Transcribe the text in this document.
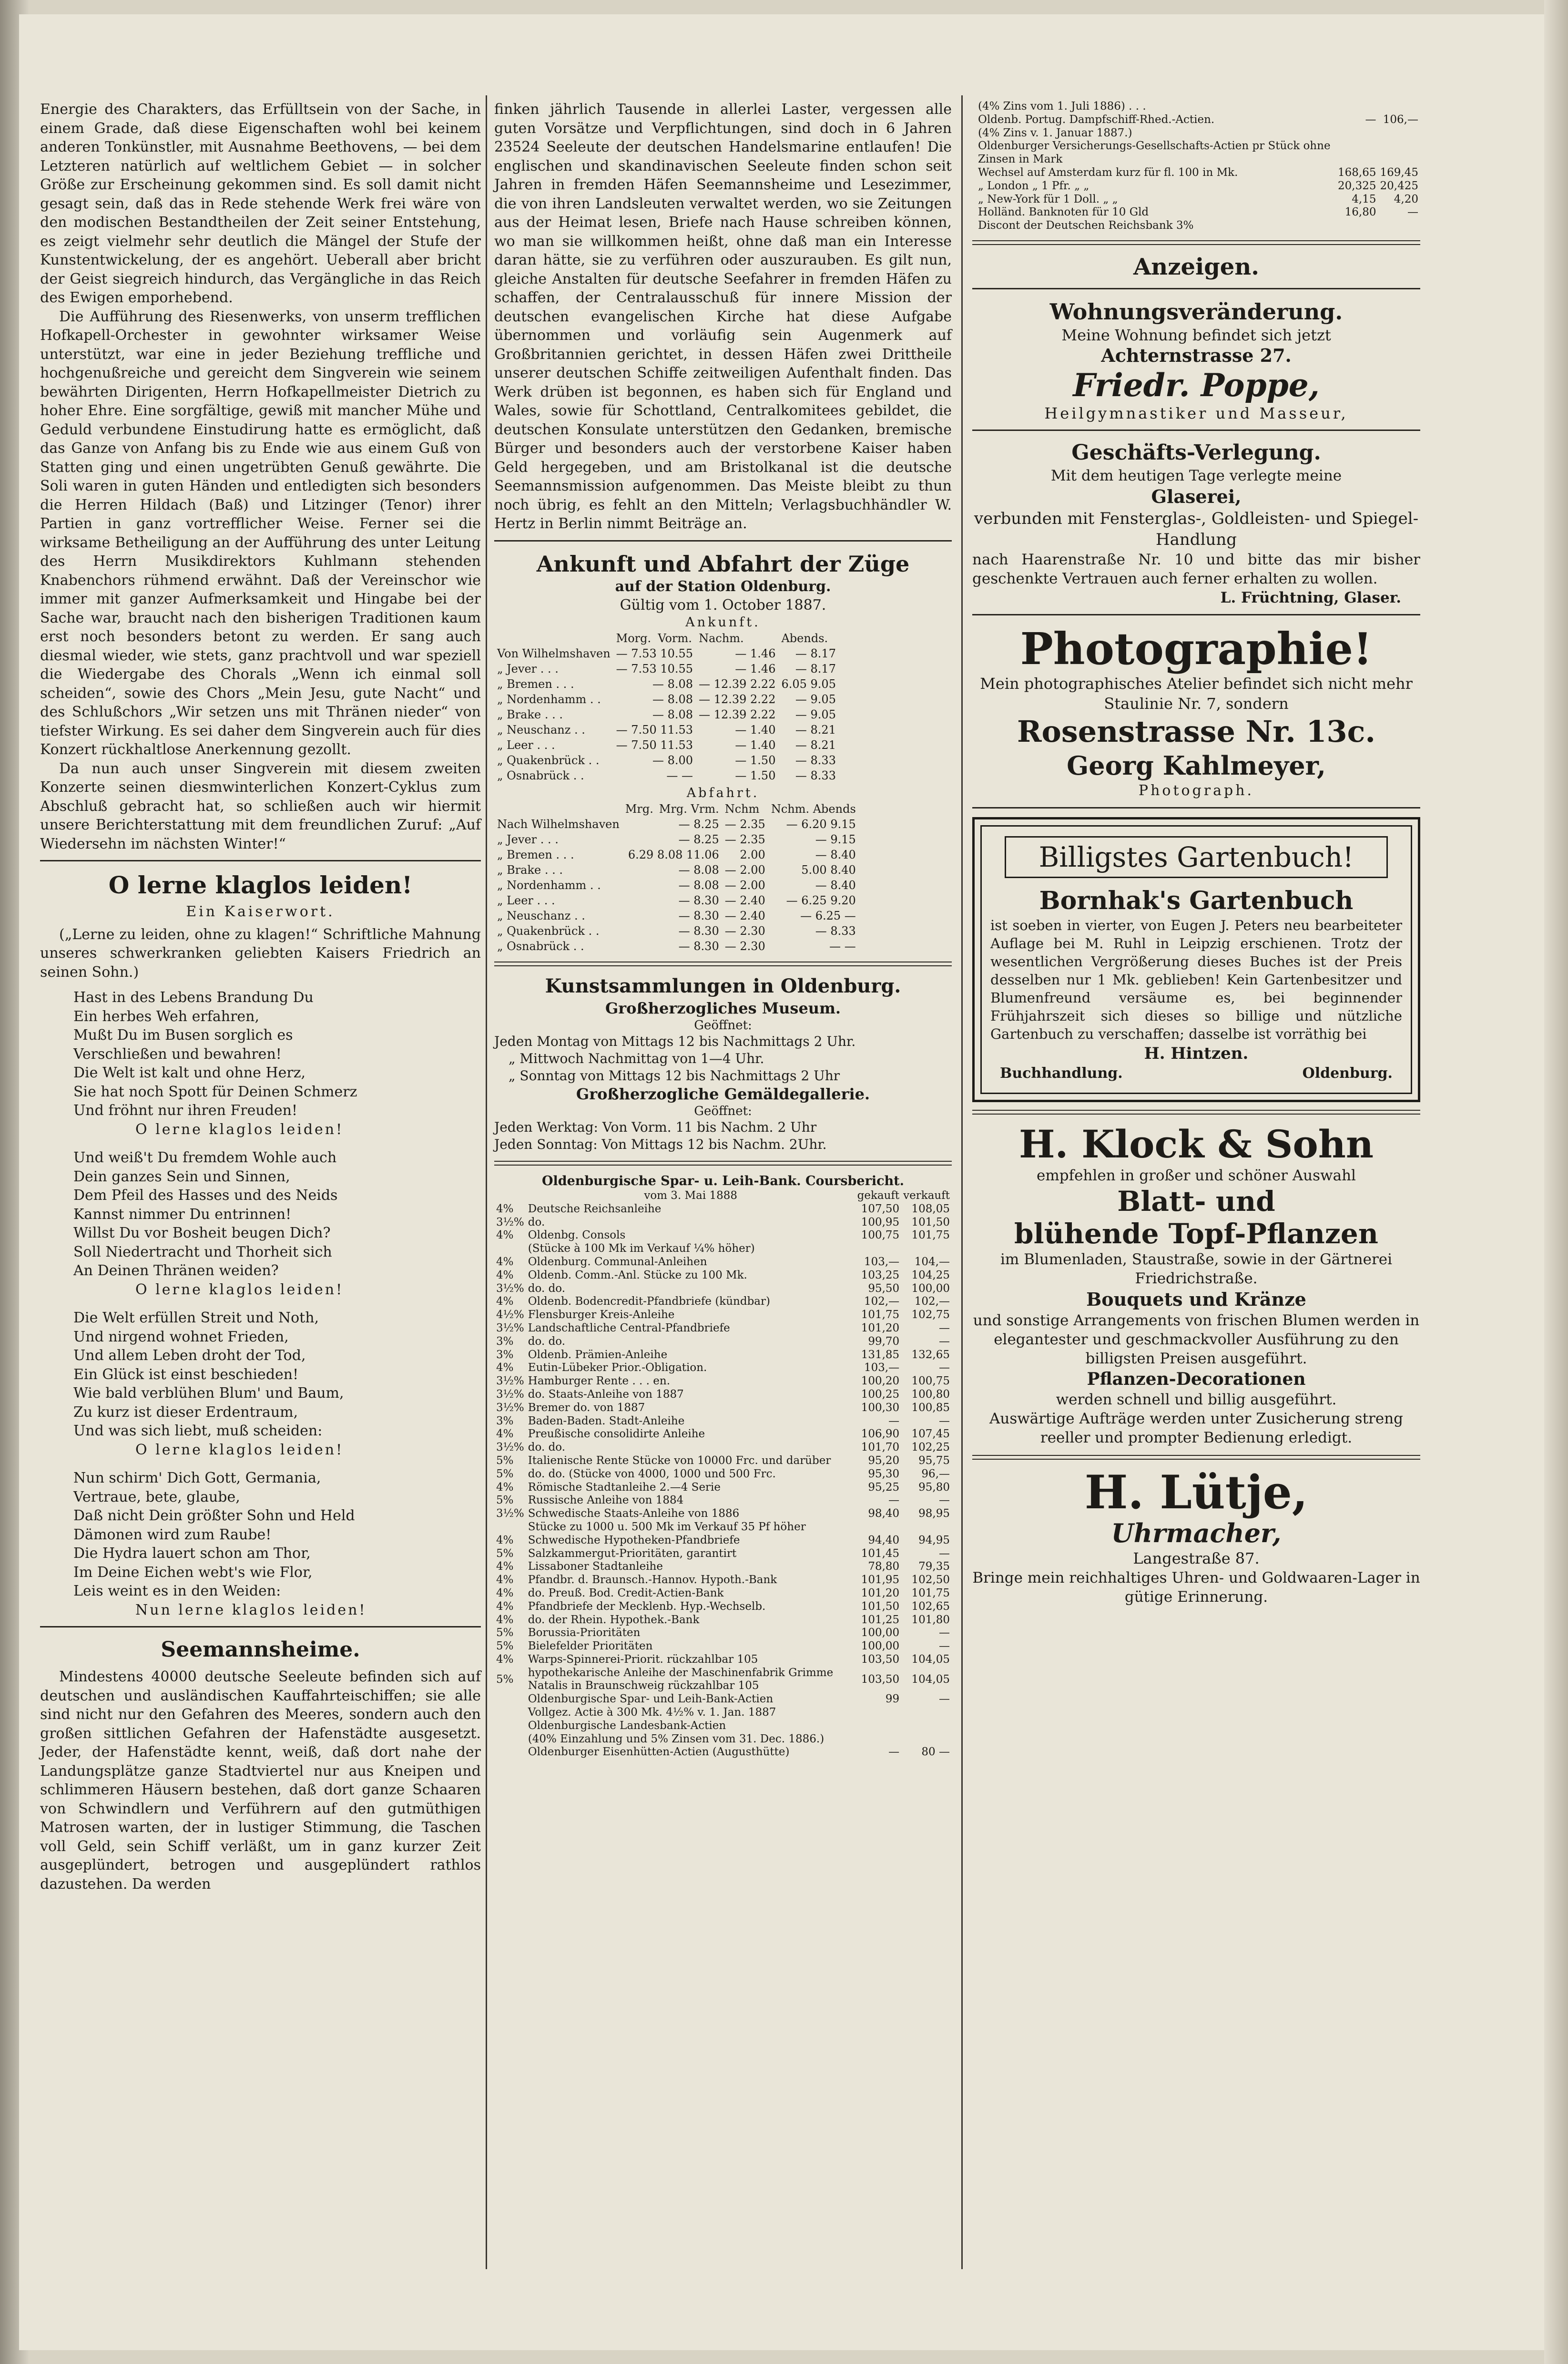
Energie des Charakters, das Erfülltsein von der Sache, in einem Grade, daß diese Eigenschaften wohl bei keinem anderen Tonkünstler, mit Ausnahme Beethovens, — bei dem Letzteren natürlich auf weltlichem Gebiet — in solcher Größe zur Erscheinung gekommen sind. Es soll damit nicht gesagt sein, daß das in Rede stehende Werk frei wäre von den modischen Bestandtheilen der Zeit seiner Entstehung, es zeigt vielmehr sehr deutlich die Mängel der Stufe der Kunstentwickelung, der es angehört. Ueberall aber bricht der Geist siegreich hindurch, das Vergängliche in das Reich des Ewigen emporhebend.

Die Aufführung des Riesenwerks, von unserm trefflichen Hofkapell-Orchester in gewohnter wirksamer Weise unterstützt, war eine in jeder Beziehung treffliche und hochgenußreiche und gereicht dem Singverein wie seinem bewährten Dirigenten, Herrn Hofkapellmeister Dietrich zu hoher Ehre. Eine sorgfältige, gewiß mit mancher Mühe und Geduld verbundene Einstudirung hatte es ermöglicht, daß das Ganze von Anfang bis zu Ende wie aus einem Guß von Statten ging und einen ungetrübten Genuß gewährte. Die Soli waren in guten Händen und entledigten sich besonders die Herren Hildach (Baß) und Litzinger (Tenor) ihrer Partien in ganz vortrefflicher Weise. Ferner sei die wirksame Betheiligung an der Aufführung des unter Leitung des Herrn Musikdirektors Kuhlmann stehenden Knabenchors rühmend erwähnt. Daß der Vereinschor wie immer mit ganzer Aufmerksamkeit und Hingabe bei der Sache war, braucht nach den bisherigen Traditionen kaum erst noch besonders betont zu werden. Er sang auch diesmal wieder, wie stets, ganz prachtvoll und war speziell die Wiedergabe des Chorals „Wenn ich einmal soll scheiden“, sowie des Chors „Mein Jesu, gute Nacht“ und des Schlußchors „Wir setzen uns mit Thränen nieder“ von tiefster Wirkung. Es sei daher dem Singverein auch für dies Konzert rückhaltlose Anerkennung gezollt.

Da nun auch unser Singverein mit diesem zweiten Konzerte seinen diesmwinterlichen Konzert-Cyklus zum Abschluß gebracht hat, so schließen auch wir hiermit unsere Berichterstattung mit dem freundlichen Zuruf: „Auf Wiedersehn im nächsten Winter!“

O lerne klaglos leiden!

Ein Kaiserwort.

(„Lerne zu leiden, ohne zu klagen!“ Schriftliche Mahnung unseres schwerkranken geliebten Kaisers Friedrich an seinen Sohn.)

Hast in des Lebens Brandung Du

Ein herbes Weh erfahren,

Mußt Du im Busen sorglich es

Verschließen und bewahren!

Die Welt ist kalt und ohne Herz,

Sie hat noch Spott für Deinen Schmerz

Und fröhnt nur ihren Freuden!

O lerne klaglos leiden!

Und weiß't Du fremdem Wohle auch

Dein ganzes Sein und Sinnen,

Dem Pfeil des Hasses und des Neids

Kannst nimmer Du entrinnen!

Willst Du vor Bosheit beugen Dich?

Soll Niedertracht und Thorheit sich

An Deinen Thränen weiden?

O lerne klaglos leiden!

Die Welt erfüllen Streit und Noth,

Und nirgend wohnet Frieden,

Und allem Leben droht der Tod,

Ein Glück ist einst beschieden!

Wie bald verblühen Blum' und Baum,

Zu kurz ist dieser Erdentraum,

Und was sich liebt, muß scheiden:

O lerne klaglos leiden!

Nun schirm' Dich Gott, Germania,

Vertraue, bete, glaube,

Daß nicht Dein größter Sohn und Held

Dämonen wird zum Raube!

Die Hydra lauert schon am Thor,

Im Deine Eichen webt's wie Flor,

Leis weint es in den Weiden:

Nun lerne klaglos leiden!

Seemannsheime.

Mindestens 40000 deutsche Seeleute befinden sich auf deutschen und ausländischen Kauffahrteischiffen; sie alle sind nicht nur den Gefahren des Meeres, sondern auch den großen sittlichen Gefahren der Hafenstädte ausgesetzt. Jeder, der Hafenstädte kennt, weiß, daß dort nahe der Landungsplätze ganze Stadtviertel nur aus Kneipen und schlimmeren Häusern bestehen, daß dort ganze Schaaren von Schwindlern und Verführern auf den gutmüthigen Matrosen warten, der in lustiger Stimmung, die Taschen voll Geld, sein Schiff verläßt, um in ganz kurzer Zeit ausgeplündert, betrogen und ausgeplündert rathlos dazustehen. Da werden

finken jährlich Tausende in allerlei Laster, vergessen alle guten Vorsätze und Verpflichtungen, sind doch in 6 Jahren 23524 Seeleute der deutschen Handelsmarine entlaufen! Die englischen und skandinavischen Seeleute finden schon seit Jahren in fremden Häfen Seemannsheime und Lesezimmer, die von ihren Landsleuten verwaltet werden, wo sie Zeitungen aus der Heimat lesen, Briefe nach Hause schreiben können, wo man sie willkommen heißt, ohne daß man ein Interesse daran hätte, sie zu verführen oder auszurauben. Es gilt nun, gleiche Anstalten für deutsche Seefahrer in fremden Häfen zu schaffen, der Centralausschuß für innere Mission der deutschen evangelischen Kirche hat diese Aufgabe übernommen und vorläufig sein Augenmerk auf Großbritannien gerichtet, in dessen Häfen zwei Drittheile unserer deutschen Schiffe zeitweiligen Aufenthalt finden. Das Werk drüben ist begonnen, es haben sich für England und Wales, sowie für Schottland, Centralkomitees gebildet, die deutschen Konsulate unterstützen den Gedanken, bremische Bürger und besonders auch der verstorbene Kaiser haben Geld hergegeben, und am Bristolkanal ist die deutsche Seemannsmission aufgenommen. Das Meiste bleibt zu thun noch übrig, es fehlt an den Mitteln; Verlagsbuchhändler W. Hertz in Berlin nimmt Beiträge an.

Ankunft und Abfahrt der Züge

auf der Station Oldenburg.

Gültig vom 1. October 1887.

Ankunft.

	Morg.	Vorm.	Nachm.	Abends.
Von Wilhelmshaven	— 7.53 10.55		— 1.46	— 8.17
„ Jever . . .	— 7.53 10.55		— 1.46	— 8.17
„ Bremen . . .	— 8.08		— 12.39 2.22	6.05 9.05
„ Nordenhamm . .	— 8.08		— 12.39 2.22	— 9.05
„ Brake . . .	— 8.08		— 12.39 2.22	— 9.05
„ Neuschanz . .	— 7.50 11.53		— 1.40	— 8.21
„ Leer . . .	— 7.50 11.53		— 1.40	— 8.21
„ Quakenbrück . .	— 8.00		— 1.50	— 8.33
„ Osnabrück . .	— —		— 1.50	— 8.33

Abfahrt.

	Mrg.	Mrg. Vrm.	Nchm	Nchm. Abends
Nach Wilhelmshaven	— 8.25		— 2.35	— 6.20 9.15
„ Jever . . .	— 8.25		— 2.35	— 9.15
„ Bremen . . .	6.29 8.08 11.06		2.00	— 8.40
„ Brake . . .	— 8.08		— 2.00	5.00 8.40
„ Nordenhamm . .	— 8.08		— 2.00	— 8.40
„ Leer . . .	— 8.30		— 2.40	— 6.25 9.20
„ Neuschanz . .	— 8.30		— 2.40	— 6.25 —
„ Quakenbrück . .	— 8.30		— 2.30	— 8.33
„ Osnabrück . .	— 8.30		— 2.30	— —

Kunstsammlungen in Oldenburg.

Großherzogliches Museum.

Geöffnet:

Jeden Montag von Mittags 12 bis Nachmittags 2 Uhr.

„ Mittwoch Nachmittag von 1—4 Uhr.

„ Sonntag von Mittags 12 bis Nachmittags 2 Uhr

Großherzogliche Gemäldegallerie.

Geöffnet:

Jeden Werktag: Von Vorm. 11 bis Nachm. 2 Uhr

Jeden Sonntag: Von Mittags 12 bis Nachm. 2Uhr.

Oldenburgische Spar- u. Leih-Bank. Coursbericht.

	vom 3. Mai 1888	gekauft	verkauft
4%	Deutsche Reichsanleihe	107,50	108,05
3½%	do.	100,95	101,50
4%	Oldenbg. Consols	100,75	101,75
	(Stücke à 100 Mk im Verkauf ¼% höher)		
4%	Oldenburg. Communal-Anleihen	103,—	104,—
4%	Oldenb. Comm.-Anl. Stücke zu 100 Mk.	103,25	104,25
3½%	do. do.	95,50	100,00
4%	Oldenb. Bodencredit-Pfandbriefe (kündbar)	102,—	102,—
4½%	Flensburger Kreis-Anleihe	101,75	102,75
3½%	Landschaftliche Central-Pfandbriefe	101,20	—
3%	do. do.	99,70	—
3%	Oldenb. Prämien-Anleihe	131,85	132,65
4%	Eutin-Lübeker Prior.-Obligation.	103,—	—
3½%	Hamburger Rente . . . en.	100,20	100,75
3½%	do. Staats-Anleihe von 1887	100,25	100,80
3½%	Bremer do. von 1887	100,30	100,85
3%	Baden-Baden. Stadt-Anleihe	—	—
4%	Preußische consolidirte Anleihe	106,90	107,45
3½%	do. do.	101,70	102,25
5%	Italienische Rente Stücke von 10000 Frc. und darüber	95,20	95,75
5%	do. do. (Stücke von 4000, 1000 und 500 Frc.	95,30	96,—
4%	Römische Stadtanleihe 2.—4 Serie	95,25	95,80
5%	Russische Anleihe von 1884	—	—
3½%	Schwedische Staats-Anleihe von 1886	98,40	98,95
	Stücke zu 1000 u. 500 Mk im Verkauf 35 Pf höher		
4%	Schwedische Hypotheken-Pfandbriefe	94,40	94,95
5%	Salzkammergut-Prioritäten, garantirt	101,45	—
4%	Lissaboner Stadtanleihe	78,80	79,35
4%	Pfandbr. d. Braunsch.-Hannov. Hypoth.-Bank	101,95	102,50
4%	do. Preuß. Bod. Credit-Actien-Bank	101,20	101,75
4%	Pfandbriefe der Mecklenb. Hyp.-Wechselb.	101,50	102,65
4%	do. der Rhein. Hypothek.-Bank	101,25	101,80
5%	Borussia-Prioritäten	100,00	—
5%	Bielefelder Prioritäten	100,00	—
4%	Warps-Spinnerei-Priorit. rückzahlbar 105	103,50	104,05
5%	hypothekarische Anleihe der Maschinenfabrik Grimme Natalis in Braunschweig rückzahlbar 105	103,50	104,05
	Oldenburgische Spar- und Leih-Bank-Actien	99	—
	Vollgez. Actie à 300 Mk. 4½% v. 1. Jan. 1887		
	Oldenburgische Landesbank-Actien		
	(40% Einzahlung und 5% Zinsen vom 31. Dec. 1886.)		
	Oldenburger Eisenhütten-Actien (Augusthütte)	—	80 —
	(4% Zins vom 1. Juli 1886) . . .		
	Oldenb. Portug. Dampfschiff-Rhed.-Actien.	—	106,—
	(4% Zins v. 1. Januar 1887.)		
	Oldenburger Versicherungs-Gesellschafts-Actien pr Stück ohne Zinsen in Mark		
	Wechsel auf Amsterdam kurz für fl. 100 in Mk.	168,65	169,45
	„ London „ 1 Pfr. „ „	20,325	20,425
	„ New-York für 1 Doll. „ „	4,15	4,20
	Holländ. Banknoten für 10 Gld	16,80	—
	Discont der Deutschen Reichsbank 3%		

Anzeigen.

Wohnungsveränderung.

Meine Wohnung befindet sich jetzt

Achternstrasse 27.

Friedr. Poppe,

Heilgymnastiker und Masseur,

Geschäfts-Verlegung.

Mit dem heutigen Tage verlegte meine

Glaserei,

verbunden mit Fensterglas-, Goldleisten- und Spiegel-Handlung

nach Haarenstraße Nr. 10 und bitte das mir bisher geschenkte Vertrauen auch ferner erhalten zu wollen.

L. Früchtning, Glaser.

Photographie!

Mein photographisches Atelier befindet sich nicht mehr Staulinie Nr. 7, sondern

Rosenstrasse Nr. 13c.

Georg Kahlmeyer,

Photograph.

Billigstes Gartenbuch!

Bornhak's Gartenbuch

ist soeben in vierter, von Eugen J. Peters neu bearbeiteter Auflage bei M. Ruhl in Leipzig erschienen. Trotz der wesentlichen Vergrößerung dieses Buches ist der Preis desselben nur 1 Mk. geblieben! Kein Gartenbesitzer und Blumenfreund versäume es, bei beginnender Frühjahrszeit sich dieses so billige und nützliche Gartenbuch zu verschaffen; dasselbe ist vorräthig bei

H. Hintzen.

Buchhandlung.	Oldenburg.

H. Klock & Sohn

empfehlen in großer und schöner Auswahl

Blatt- und

blühende Topf-Pflanzen

im Blumenladen, Staustraße, sowie in der Gärtnerei Friedrichstraße.

Bouquets und Kränze

und sonstige Arrangements von frischen Blumen werden in elegantester und geschmackvoller Ausführung zu den billigsten Preisen ausgeführt.

Pflanzen-Decorationen

werden schnell und billig ausgeführt.

Auswärtige Aufträge werden unter Zusicherung streng reeller und prompter Bedienung erledigt.

H. Lütje,

Uhrmacher,

Langestraße 87.

Bringe mein reichhaltiges Uhren- und Goldwaaren-Lager in gütige Erinnerung.
